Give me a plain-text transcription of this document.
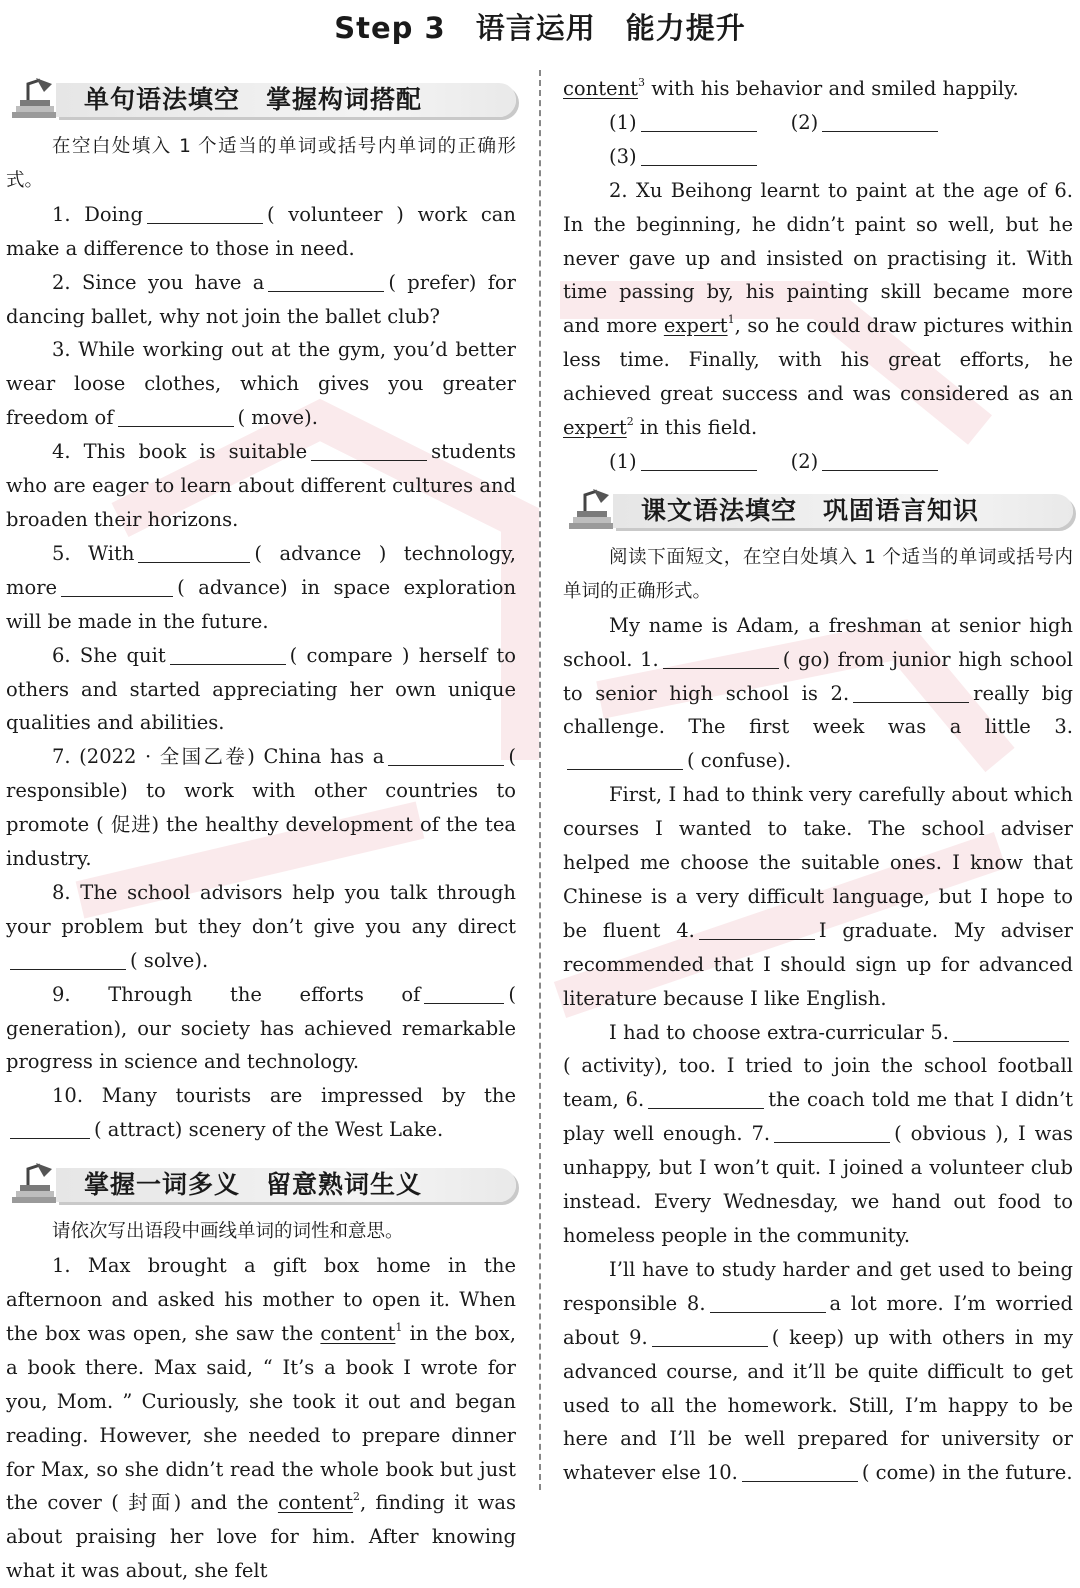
Step 3　语言运用　能力提升
单句语法填空　掌握构词搭配

在空白处填入 1 个适当的单词或括号内单词的正确形式。

1. Doing	( volunteer ) work can make a difference to those in need.

2. Since you have a	( prefer) for dancing ballet, why not join the ballet club?

3. While working out at the gym, you’d better wear loose clothes, which gives you greater freedom of	( move).

4. This book is suitable	students who are eager to learn about different cultures and broaden their horizons.

5. With	( advance ) technology, more	( advance) in space exploration will be made in the future.

6. She quit	( compare ) herself to others and started appreciating her own unique qualities and abilities.

7. (2022 · 全国乙卷) China has a	( responsible) to work with other countries to promote ( 促进) the healthy development of the tea industry.

8. The school advisors help you talk through your problem but they don’t give you any direct( solve).

9. Through the efforts of	( generation), our society has achieved remarkable progress in science and technology.

10. Many tourists are impressed by the( attract) scenery of the West Lake.

掌握一词多义　留意熟词生义

请依次写出语段中画线单词的词性和意思。

1. Max brought a gift box home in the afternoon and asked his mother to open it. When the box was open, she saw the content$^1$ in the box, a book there. Max said, “ It’s a book I wrote for you, Mom. ” Curiously, she took it out and began reading. However, she needed to prepare dinner for Max, so she didn’t read the whole book but just the cover ( 封面) and the content$^2$, finding it was about praising her love for him. After knowing what it was about, she felt

content$^3$ with his behavior and smiled happily.

(1)	(2)

(3)

2. Xu Beihong learnt to paint at the age of 6. In the beginning, he didn’t paint so well, but he never gave up and insisted on practising it. With time passing by, his painting skill became more and more expert$^1$, so he could draw pictures within less time. Finally, with his great efforts, he achieved great success and was considered as an expert$^2$ in this field.

(1)	(2)

课文语法填空　巩固语言知识

阅读下面短文，在空白处填入 1 个适当的单词或括号内单词的正确形式。

My name is Adam, a freshman at senior high school. 1.	( go) from junior high school to senior high school is 2.	really big challenge. The first week was a little 3.( confuse).

First, I had to think very carefully about which courses I wanted to take. The school adviser helped me choose the suitable ones. I know that Chinese is a very difficult language, but I hope to be fluent 4.	I graduate. My adviser recommended that I should sign up for advanced literature because I like English.

I had to choose extra-curricular 5.( activity), too. I tried to join the school football team, 6.	the coach told me that I didn’t play well enough. 7.	( obvious ), I was unhappy, but I won’t quit. I joined a volunteer club instead. Every Wednesday, we hand out food to homeless people in the community.

I’ll have to study harder and get used to being responsible 8.	a lot more. I’m worried about 9.	( keep) up with others in my advanced course, and it’ll be quite difficult to get used to all the homework. Still, I’m happy to be here and I’ll be well prepared for university or whatever else 10.	( come) in the future.
